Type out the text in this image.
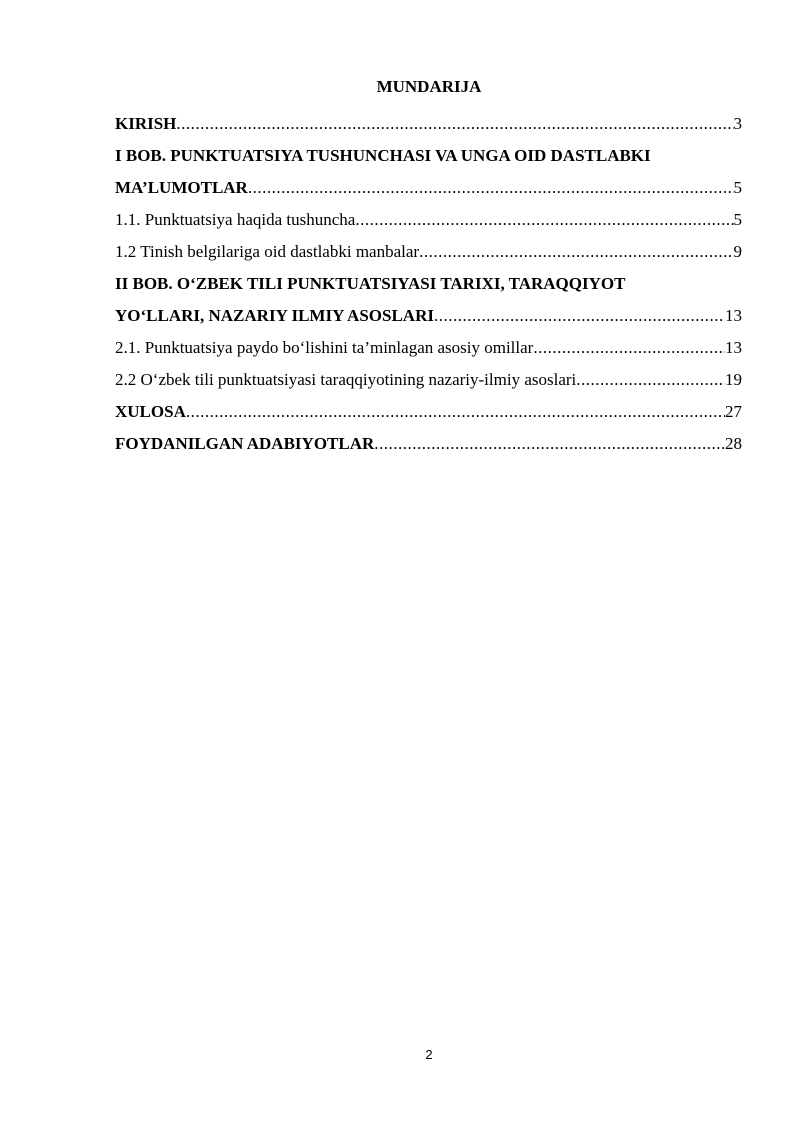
MUNDARIJA
KIRISH .....	3
I BOB. PUNKTUATSIYA TUSHUNCHASI VA UNGA OID DASTLABKI
MA’LUMOTLAR .....	5
1.1. Punktuatsiya haqida tushuncha .....	5
1.2 Tinish belgilariga oid dastlabki manbalar .....	9
II BOB. O‘ZBEK TILI PUNKTUATSIYASI TARIXI, TARAQQIYOT
YO‘LLARI, NAZARIY ILMIY ASOSLARI .....	13
2.1. Punktuatsiya paydo bo‘lishini ta’minlagan asosiy omillar .....	13
2.2 O‘zbek tili punktuatsiyasi taraqqiyotining nazariy-ilmiy asoslari .....	19
XULOSA .....	27
FOYDANILGAN ADABIYOTLAR .....	28
2
